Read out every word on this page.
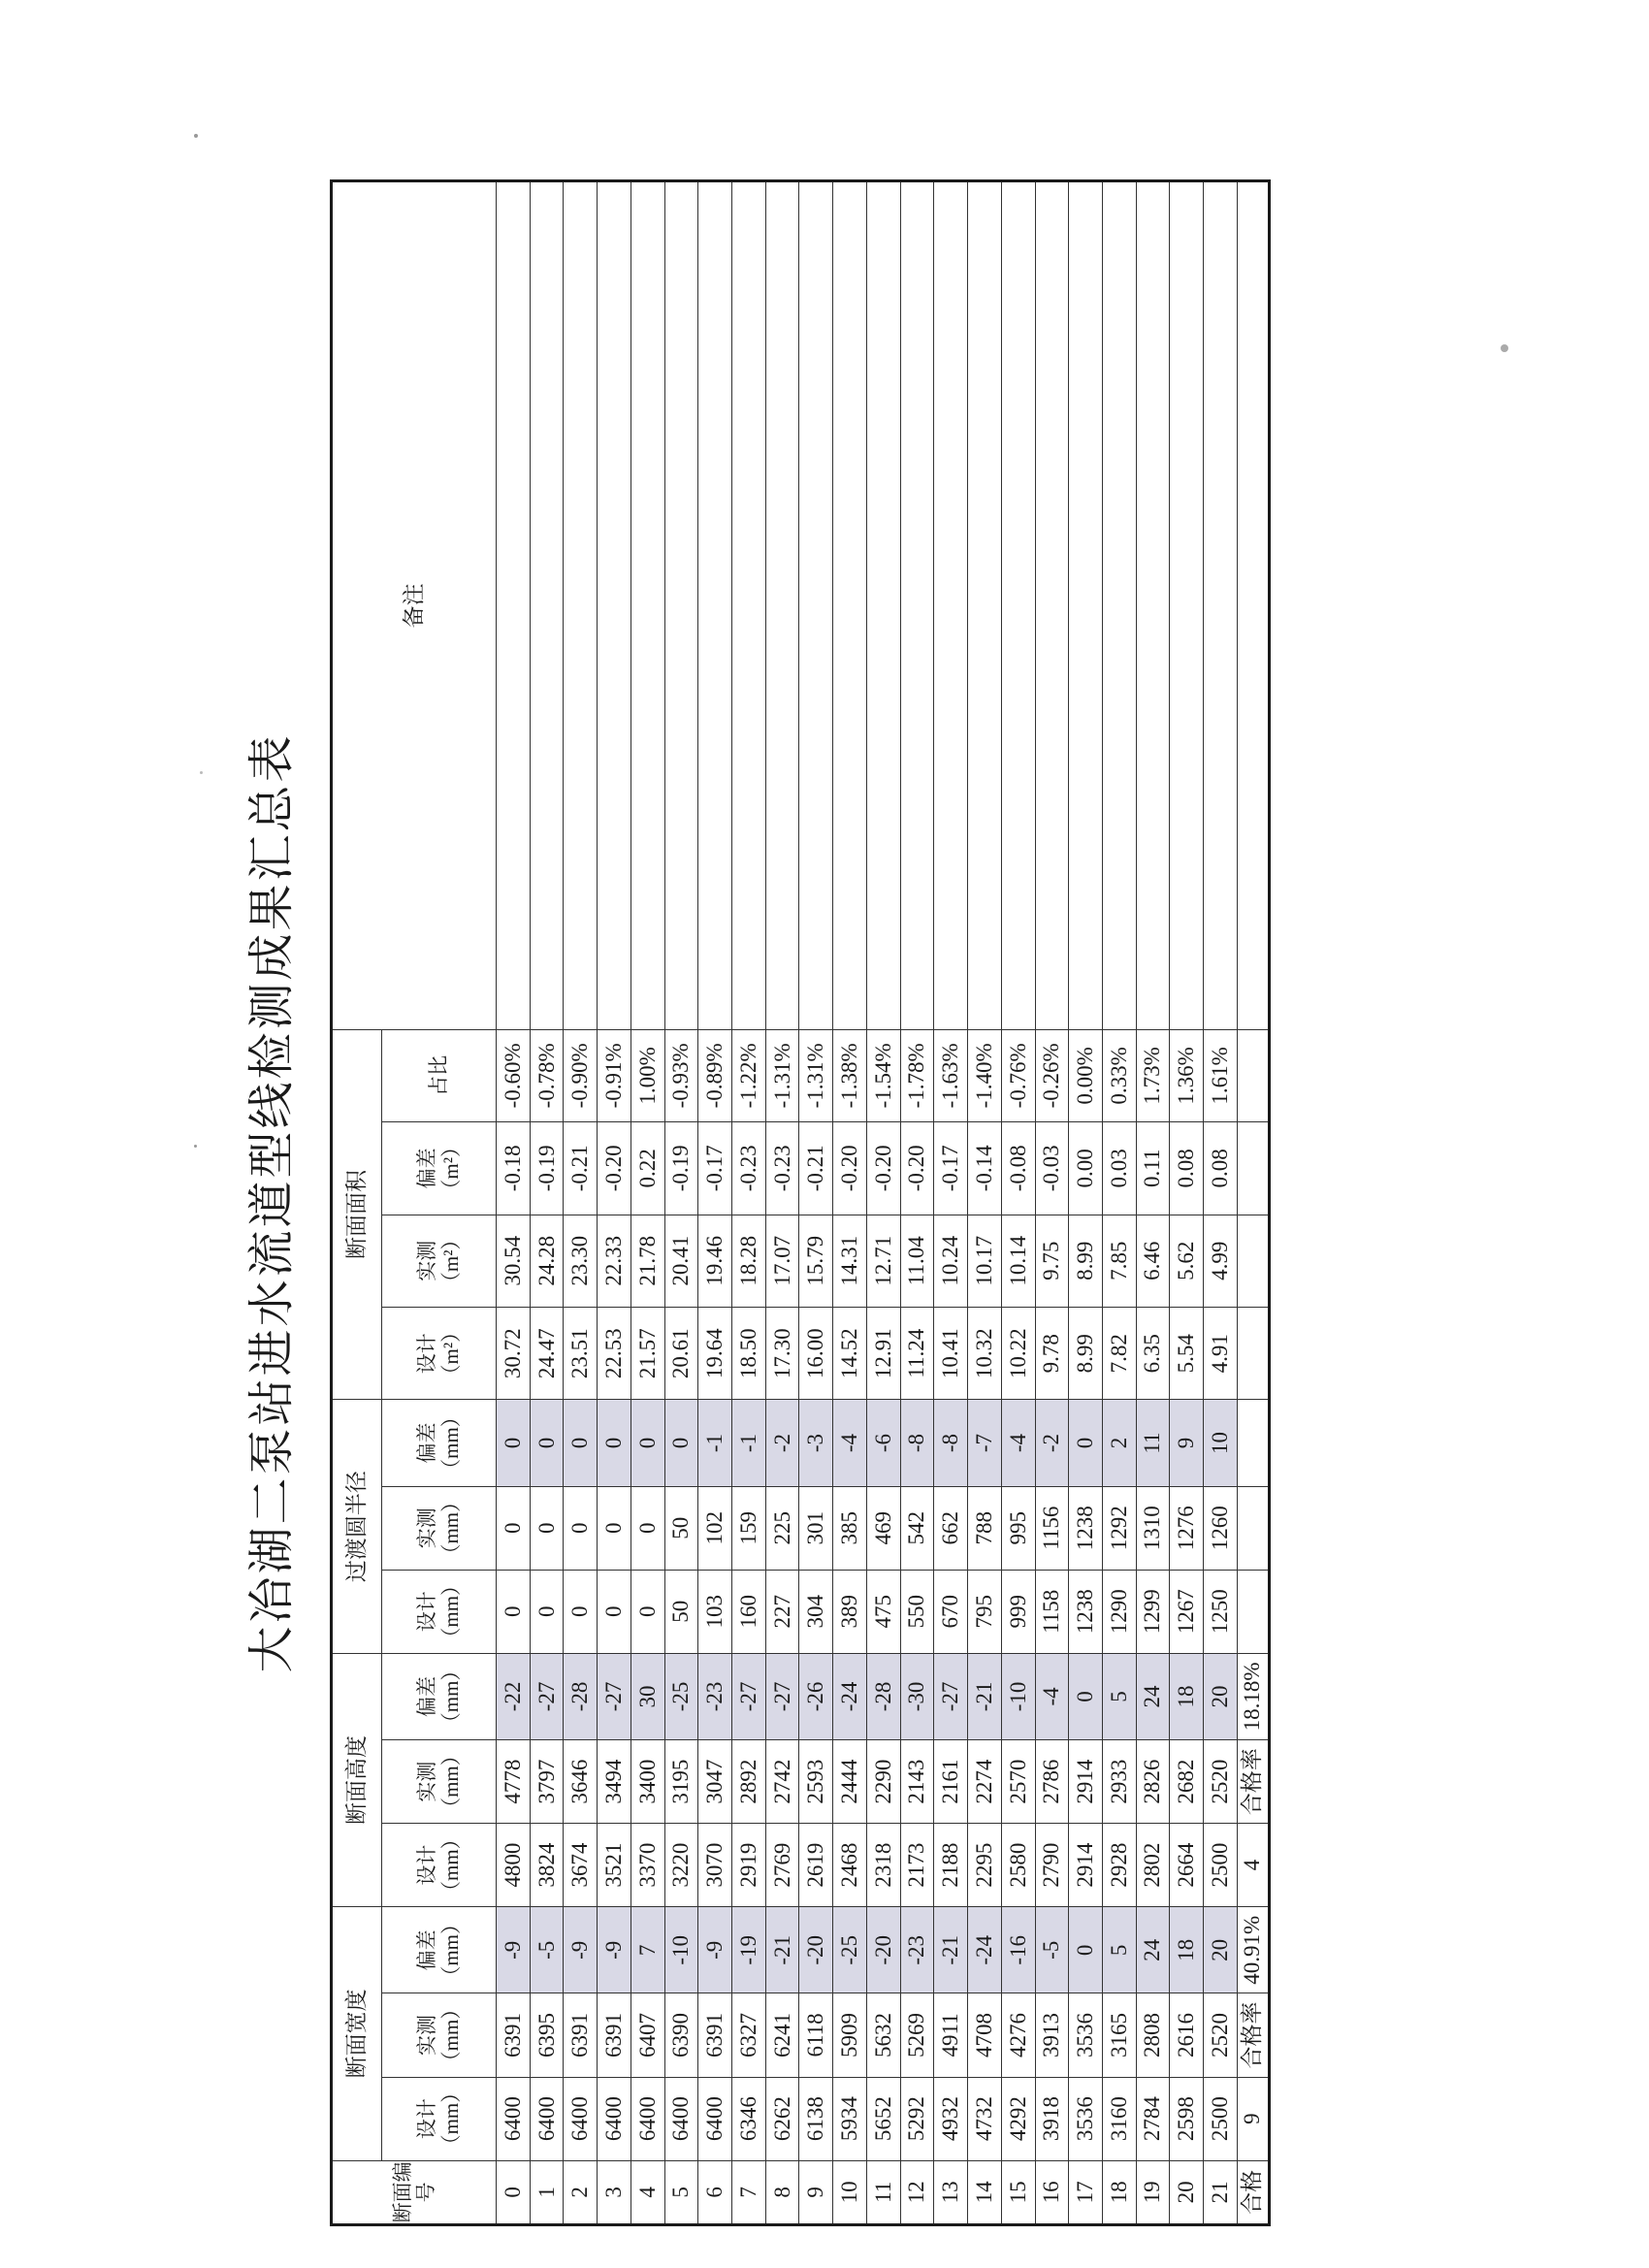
大冶湖二泵站进水流道型线检测成果汇总表
断面编号	断面宽度			断面高度			过渡圆半径			断面面积				备注
	设计（mm）	实测（mm）	偏差（mm）	设计（mm）	实测（mm）	偏差（mm）	设计（mm）	实测（mm）	偏差（mm）	设计（m²）	实测（m²）	偏差（m²）	占比	
0	6400	6391	-9	4800	4778	-22	0	0	0	30.72	30.54	-0.18	-0.60%	
1	6400	6395	-5	3824	3797	-27	0	0	0	24.47	24.28	-0.19	-0.78%	
2	6400	6391	-9	3674	3646	-28	0	0	0	23.51	23.30	-0.21	-0.90%	
3	6400	6391	-9	3521	3494	-27	0	0	0	22.53	22.33	-0.20	-0.91%	
4	6400	6407	7	3370	3400	30	0	0	0	21.57	21.78	0.22	1.00%	
5	6400	6390	-10	3220	3195	-25	50	50	0	20.61	20.41	-0.19	-0.93%	
6	6400	6391	-9	3070	3047	-23	103	102	-1	19.64	19.46	-0.17	-0.89%	
7	6346	6327	-19	2919	2892	-27	160	159	-1	18.50	18.28	-0.23	-1.22%	
8	6262	6241	-21	2769	2742	-27	227	225	-2	17.30	17.07	-0.23	-1.31%	
9	6138	6118	-20	2619	2593	-26	304	301	-3	16.00	15.79	-0.21	-1.31%	
10	5934	5909	-25	2468	2444	-24	389	385	-4	14.52	14.31	-0.20	-1.38%	
11	5652	5632	-20	2318	2290	-28	475	469	-6	12.91	12.71	-0.20	-1.54%	
12	5292	5269	-23	2173	2143	-30	550	542	-8	11.24	11.04	-0.20	-1.78%	
13	4932	4911	-21	2188	2161	-27	670	662	-8	10.41	10.24	-0.17	-1.63%	
14	4732	4708	-24	2295	2274	-21	795	788	-7	10.32	10.17	-0.14	-1.40%	
15	4292	4276	-16	2580	2570	-10	999	995	-4	10.22	10.14	-0.08	-0.76%	
16	3918	3913	-5	2790	2786	-4	1158	1156	-2	9.78	9.75	-0.03	-0.26%	
17	3536	3536	0	2914	2914	0	1238	1238	0	8.99	8.99	0.00	0.00%	
18	3160	3165	5	2928	2933	5	1290	1292	2	7.82	7.85	0.03	0.33%	
19	2784	2808	24	2802	2826	24	1299	1310	11	6.35	6.46	0.11	1.73%	
20	2598	2616	18	2664	2682	18	1267	1276	9	5.54	5.62	0.08	1.36%	
21	2500	2520	20	2500	2520	20	1250	1260	10	4.91	4.99	0.08	1.61%	
合格	9	合格率	40.91%	4	合格率	18.18%								
